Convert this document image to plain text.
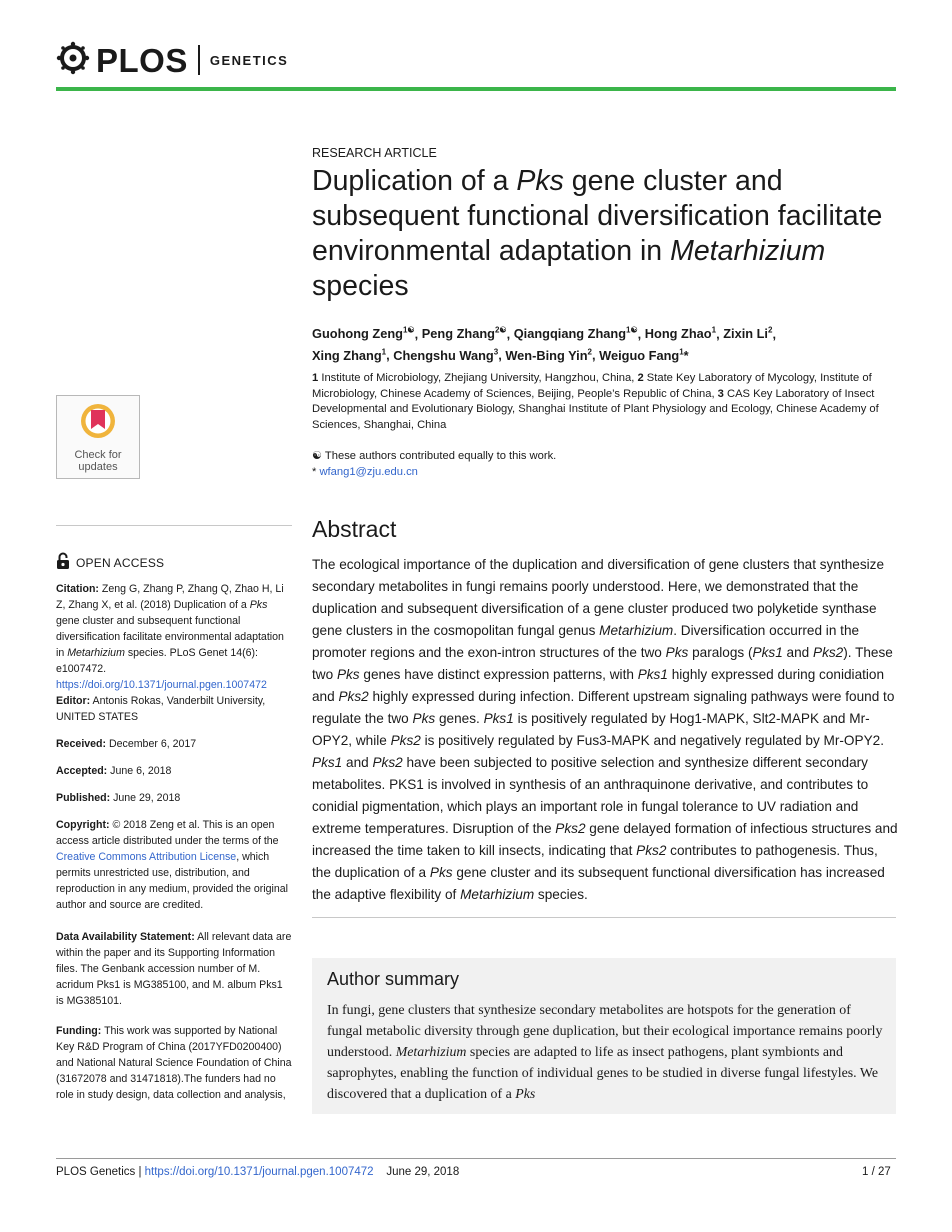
PLOS GENETICS
RESEARCH ARTICLE
Duplication of a Pks gene cluster and subsequent functional diversification facilitate environmental adaptation in Metarhizium species
Guohong Zeng$^{1☯}$, Peng Zhang$^{2☯}$, Qiangqiang Zhang$^{1☯}$, Hong Zhao$^1$, Zixin Li$^2$,
Xing Zhang$^1$, Chengshu Wang$^3$, Wen-Bing Yin$^2$, Weiguo Fang$^1$*
1 Institute of Microbiology, Zhejiang University, Hangzhou, China, 2 State Key Laboratory of Mycology, Institute of Microbiology, Chinese Academy of Sciences, Beijing, People’s Republic of China, 3 CAS Key Laboratory of Insect Developmental and Evolutionary Biology, Shanghai Institute of Plant Physiology and Ecology, Chinese Academy of Sciences, Shanghai, China
☯ These authors contributed equally to this work.
* wfang1@zju.edu.cn
Abstract
The ecological importance of the duplication and diversification of gene clusters that synthesize secondary metabolites in fungi remains poorly understood. Here, we demonstrated that the duplication and subsequent diversification of a gene cluster produced two polyketide synthase gene clusters in the cosmopolitan fungal genus Metarhizium. Diversification occurred in the promoter regions and the exon-intron structures of the two Pks paralogs (Pks1 and Pks2). These two Pks genes have distinct expression patterns, with Pks1 highly expressed during conidiation and Pks2 highly expressed during infection. Different upstream signaling pathways were found to regulate the two Pks genes. Pks1 is positively regulated by Hog1-MAPK, Slt2-MAPK and Mr-OPY2, while Pks2 is positively regulated by Fus3-MAPK and negatively regulated by Mr-OPY2. Pks1 and Pks2 have been subjected to positive selection and synthesize different secondary metabolites. PKS1 is involved in synthesis of an anthraquinone derivative, and contributes to conidial pigmentation, which plays an important role in fungal tolerance to UV radiation and extreme temperatures. Disruption of the Pks2 gene delayed formation of infectious structures and increased the time taken to kill insects, indicating that Pks2 contributes to pathogenesis. Thus, the duplication of a Pks gene cluster and its subsequent functional diversification has increased the adaptive flexibility of Metarhizium species.
Author summary
In fungi, gene clusters that synthesize secondary metabolites are hotspots for the generation of fungal metabolic diversity through gene duplication, but their ecological importance remains poorly understood. Metarhizium species are adapted to life as insect pathogens, plant symbionts and saprophytes, enabling the function of individual genes to be studied in diverse fungal lifestyles. We discovered that a duplication of a Pks
Check for updates
OPEN ACCESS
Citation: Zeng G, Zhang P, Zhang Q, Zhao H, Li Z, Zhang X, et al. (2018) Duplication of a Pks gene cluster and subsequent functional diversification facilitate environmental adaptation in Metarhizium species. PLoS Genet 14(6): e1007472. https://doi.org/10.1371/journal.pgen.1007472
Editor: Antonis Rokas, Vanderbilt University, UNITED STATES
Received: December 6, 2017
Accepted: June 6, 2018
Published: June 29, 2018
Copyright: © 2018 Zeng et al. This is an open access article distributed under the terms of the Creative Commons Attribution License, which permits unrestricted use, distribution, and reproduction in any medium, provided the original author and source are credited.
Data Availability Statement: All relevant data are within the paper and its Supporting Information files. The Genbank accession number of M. acridum Pks1 is MG385100, and M. album Pks1 is MG385101.
Funding: This work was supported by National Key R&D Program of China (2017YFD0200400) and National Natural Science Foundation of China (31672078 and 31471818).The funders had no role in study design, data collection and analysis,
PLOS Genetics | https://doi.org/10.1371/journal.pgen.1007472 June 29, 2018	1 / 27
